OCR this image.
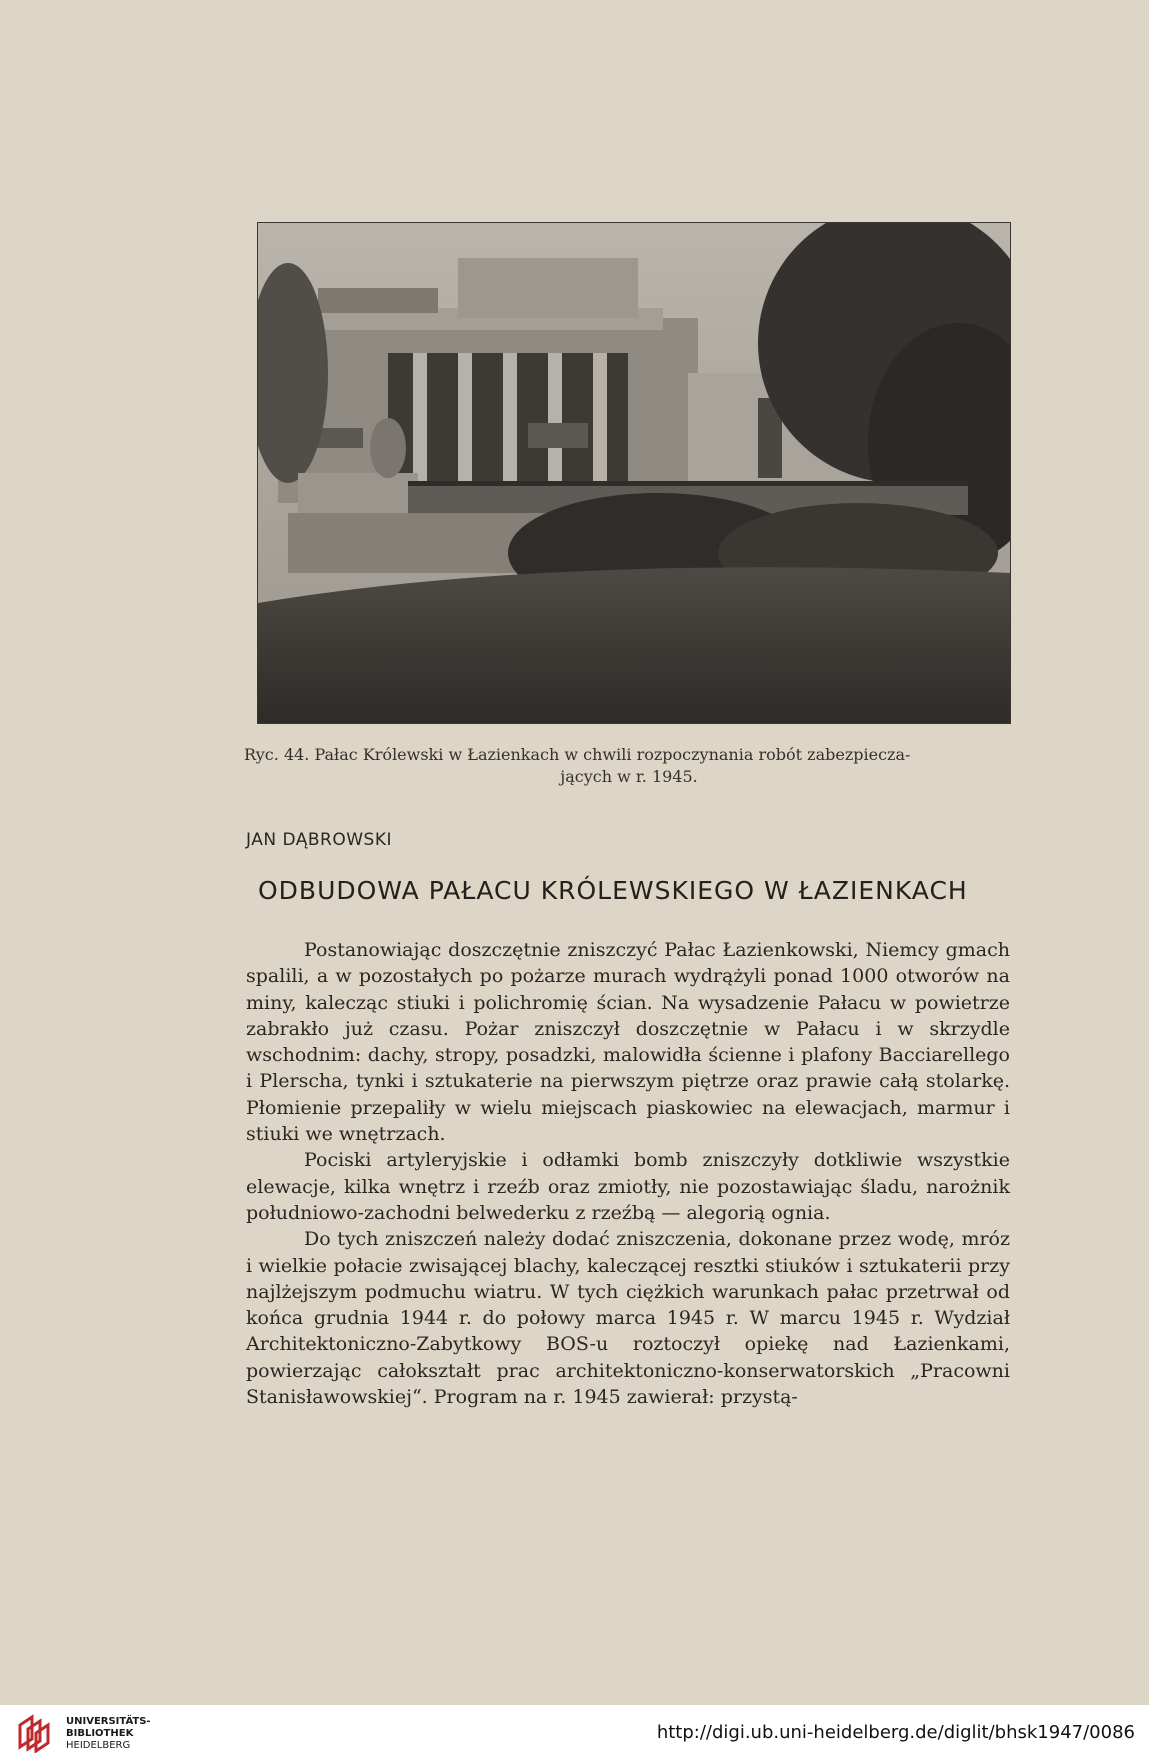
Ryc. 44. Pałac Królewski w Łazienkach w chwili rozpoczynania robót zabezpiecza-
jących w r. 1945.
JAN DĄBROWSKI
ODBUDOWA PAŁACU KRÓLEWSKIEGO W ŁAZIENKACH

Postanowiając doszczętnie zniszczyć Pałac Łazienkowski, Niemcy gmach spalili, a w pozostałych po pożarze murach wydrążyli ponad 1000 otworów na miny, kalecząc stiuki i polichromię ścian. Na wysadzenie Pałacu w powietrze zabrakło już czasu. Pożar zniszczył doszczętnie w Pałacu i w skrzydle wschodnim: dachy, stropy, posadzki, malowidła ścienne i plafony Bacciarellego i Plerscha, tynki i sztukaterie na pierwszym piętrze oraz prawie całą stolarkę. Płomienie przepaliły w wielu miejscach piaskowiec na elewacjach, marmur i stiuki we wnętrzach.

Pociski artyleryjskie i odłamki bomb zniszczyły dotkliwie wszystkie elewacje, kilka wnętrz i rzeźb oraz zmiotły, nie pozostawiając śladu, narożnik południowo-zachodni belwederku z rzeźbą — alegorią ognia.

Do tych zniszczeń należy dodać zniszczenia, dokonane przez wodę, mróz i wielkie połacie zwisającej blachy, kaleczącej resztki stiuków i sztukaterii przy najlżejszym podmuchu wiatru. W tych ciężkich warunkach pałac przetrwał od końca grudnia 1944 r. do połowy marca 1945 r. W marcu 1945 r. Wydział Architektoniczno-Zabytkowy BOS-u roztoczył opiekę nad Łazienkami, powierzając całokształt prac architektoniczno-konserwatorskich „Pracowni Stanisławowskiej“. Program na r. 1945 zawierał: przystą-

UNIVERSITÄTS-
BIBLIOTHEK
HEIDELBERG
http://digi.ub.uni-heidelberg.de/diglit/bhsk1947/0086
